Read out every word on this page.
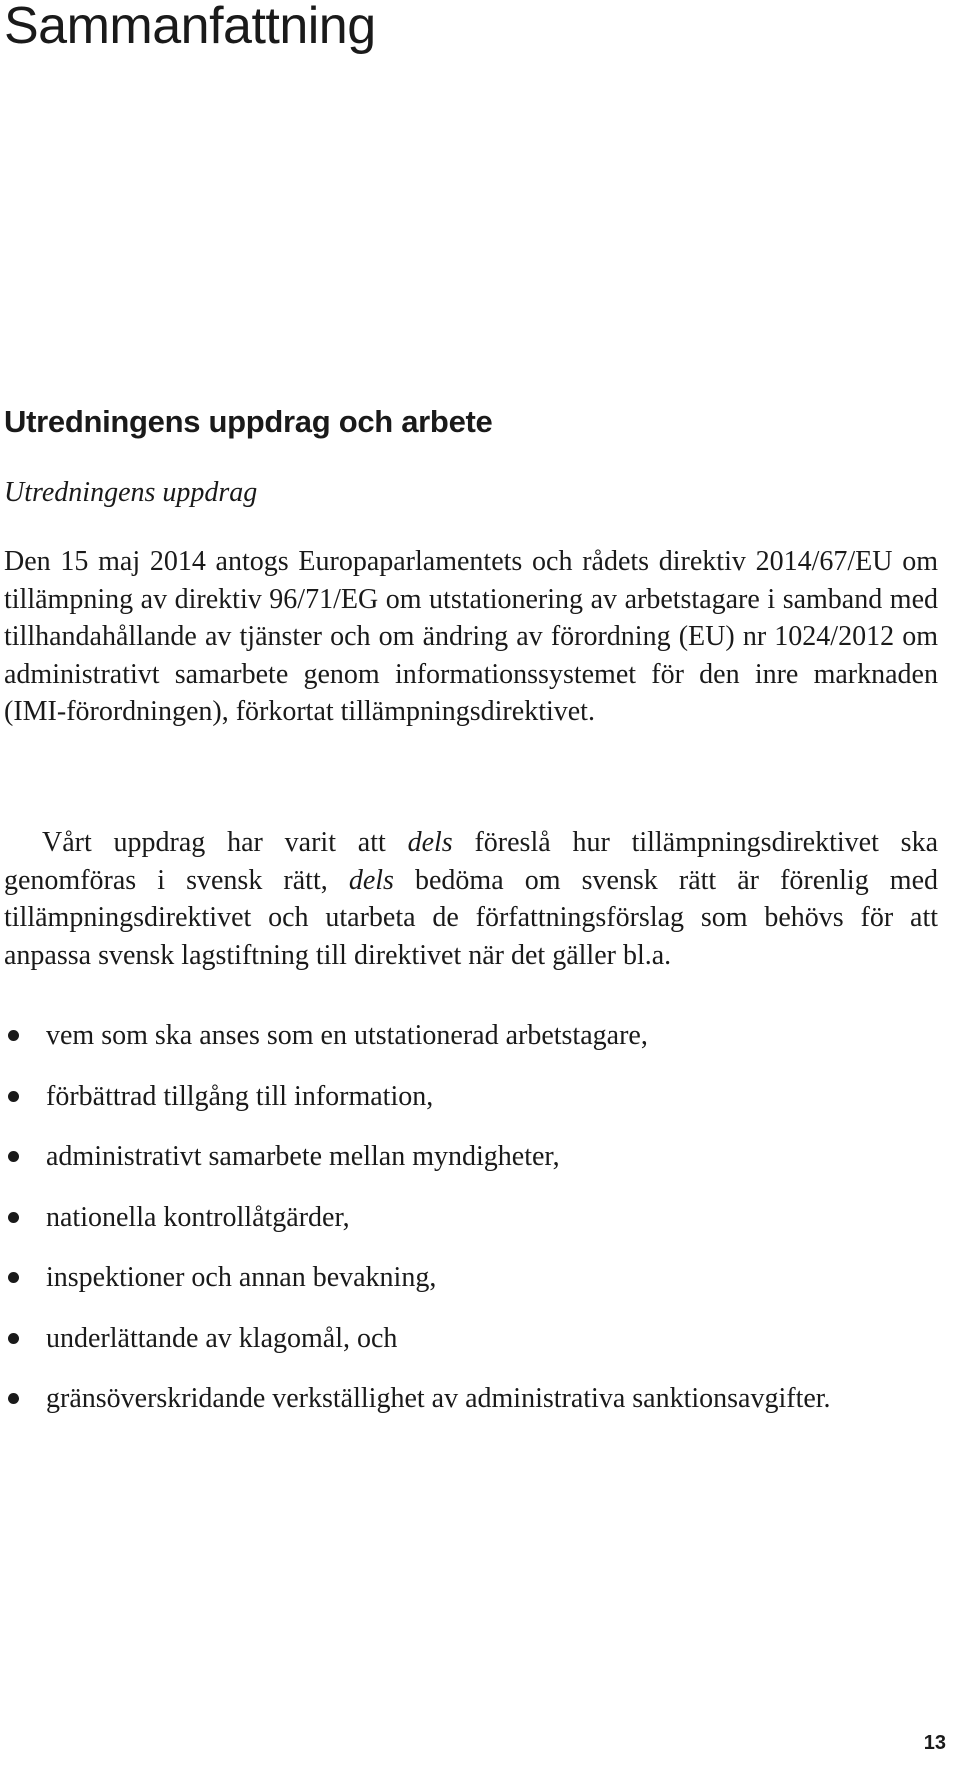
Sammanfattning
Utredningens uppdrag och arbete
Utredningens uppdrag

Den 15 maj 2014 antogs Europaparlamentets och rådets direktiv 2014/67/EU om tillämpning av direktiv 96/71/EG om utstationering av arbetstagare i samband med tillhandahållande av tjänster och om ändring av förordning (EU) nr 1024/2012 om administrativt samarbete genom informationssystemet för den inre marknaden (IMI-förordningen), förkortat tillämpningsdirektivet.

Vårt uppdrag har varit att dels föreslå hur tillämpningsdirektivet ska genomföras i svensk rätt, dels bedöma om svensk rätt är förenlig med tillämpningsdirektivet och utarbeta de författningsförslag som behövs för att anpassa svensk lagstiftning till direktivet när det gäller bl.a.

vem som ska anses som en utstationerad arbetstagare,
förbättrad tillgång till information,
administrativt samarbete mellan myndigheter,
nationella kontrollåtgärder,
inspektioner och annan bevakning,
underlättande av klagomål, och
gränsöverskridande verkställighet av administrativa sanktionsavgifter.
13
